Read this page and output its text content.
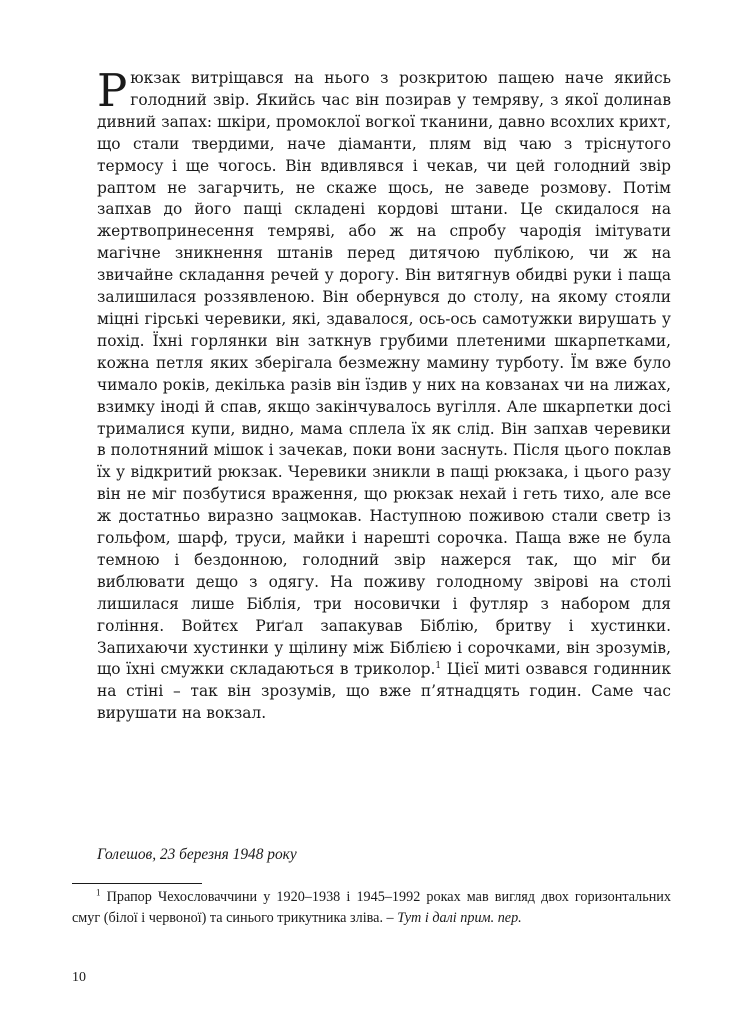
Рюкзак витріщався на нього з розкритою пащею наче якийсь голодний звір. Якийсь час він позирав у темряву, з якої долинав дивний запах: шкіри, промоклої вогкої тканини, давно всохлих крихт, що стали твердими, наче діаманти, плям від чаю з тріснутого термосу і ще чогось. Він вдивлявся і чекав, чи цей голодний звір раптом не загарчить, не скаже щось, не заведе розмову. Потім запхав до його пащі складені кордові штани. Це скидалося на жертвопринесення темряві, або ж на спробу чародія імітувати магічне зникнення штанів перед дитячою публікою, чи ж на звичайне складання речей у дорогу. Він витягнув обидві руки і паща залишилася роззявленою. Він обернувся до столу, на якому стояли міцні гірські черевики, які, здавалося, ось-ось самотужки вирушать у похід. Їхні горлянки він заткнув грубими плетеними шкарпетками, кожна петля яких зберігала безмежну мамину турботу. Їм вже було чимало років, декілька разів він їздив у них на ковзанах чи на лижах, взимку іноді й спав, якщо закінчувалось вугілля. Але шкарпетки досі трималися купи, видно, мама сплела їх як слід. Він запхав черевики в полотняний мішок і зачекав, поки вони заснуть. Після цього поклав їх у відкритий рюкзак. Черевики зникли в пащі рюкзака, і цього разу він не міг позбутися враження, що рюкзак нехай і геть тихо, але все ж достатньо виразно зацмокав. Наступною поживою стали светр із гольфом, шарф, труси, майки і нарешті сорочка. Паща вже не була темною і бездонною, голодний звір нажерся так, що міг би виблювати дещо з одягу. На поживу голодному звірові на столі лишилася лише Біблія, три носовички і футляр з набором для гоління. Войтєх Риґал запакував Біблію, бритву і хустинки. Запихаючи хустинки у щілину між Біблією і сорочками, він зрозумів, що їхні смужки складаються в триколор.$^1$ Цієї миті озвався годинник на стіні – так він зрозумів, що вже п’ятнадцять годин. Саме час вирушати на вокзал.

Голешов, 23 березня 1948 року

$^1$ Прапор Чехословаччини у 1920–1938 і 1945–1992 роках мав вигляд двох горизонтальних смуг (білої і червоної) та синього трикутника зліва. – Тут і далі прим. пер.

10
